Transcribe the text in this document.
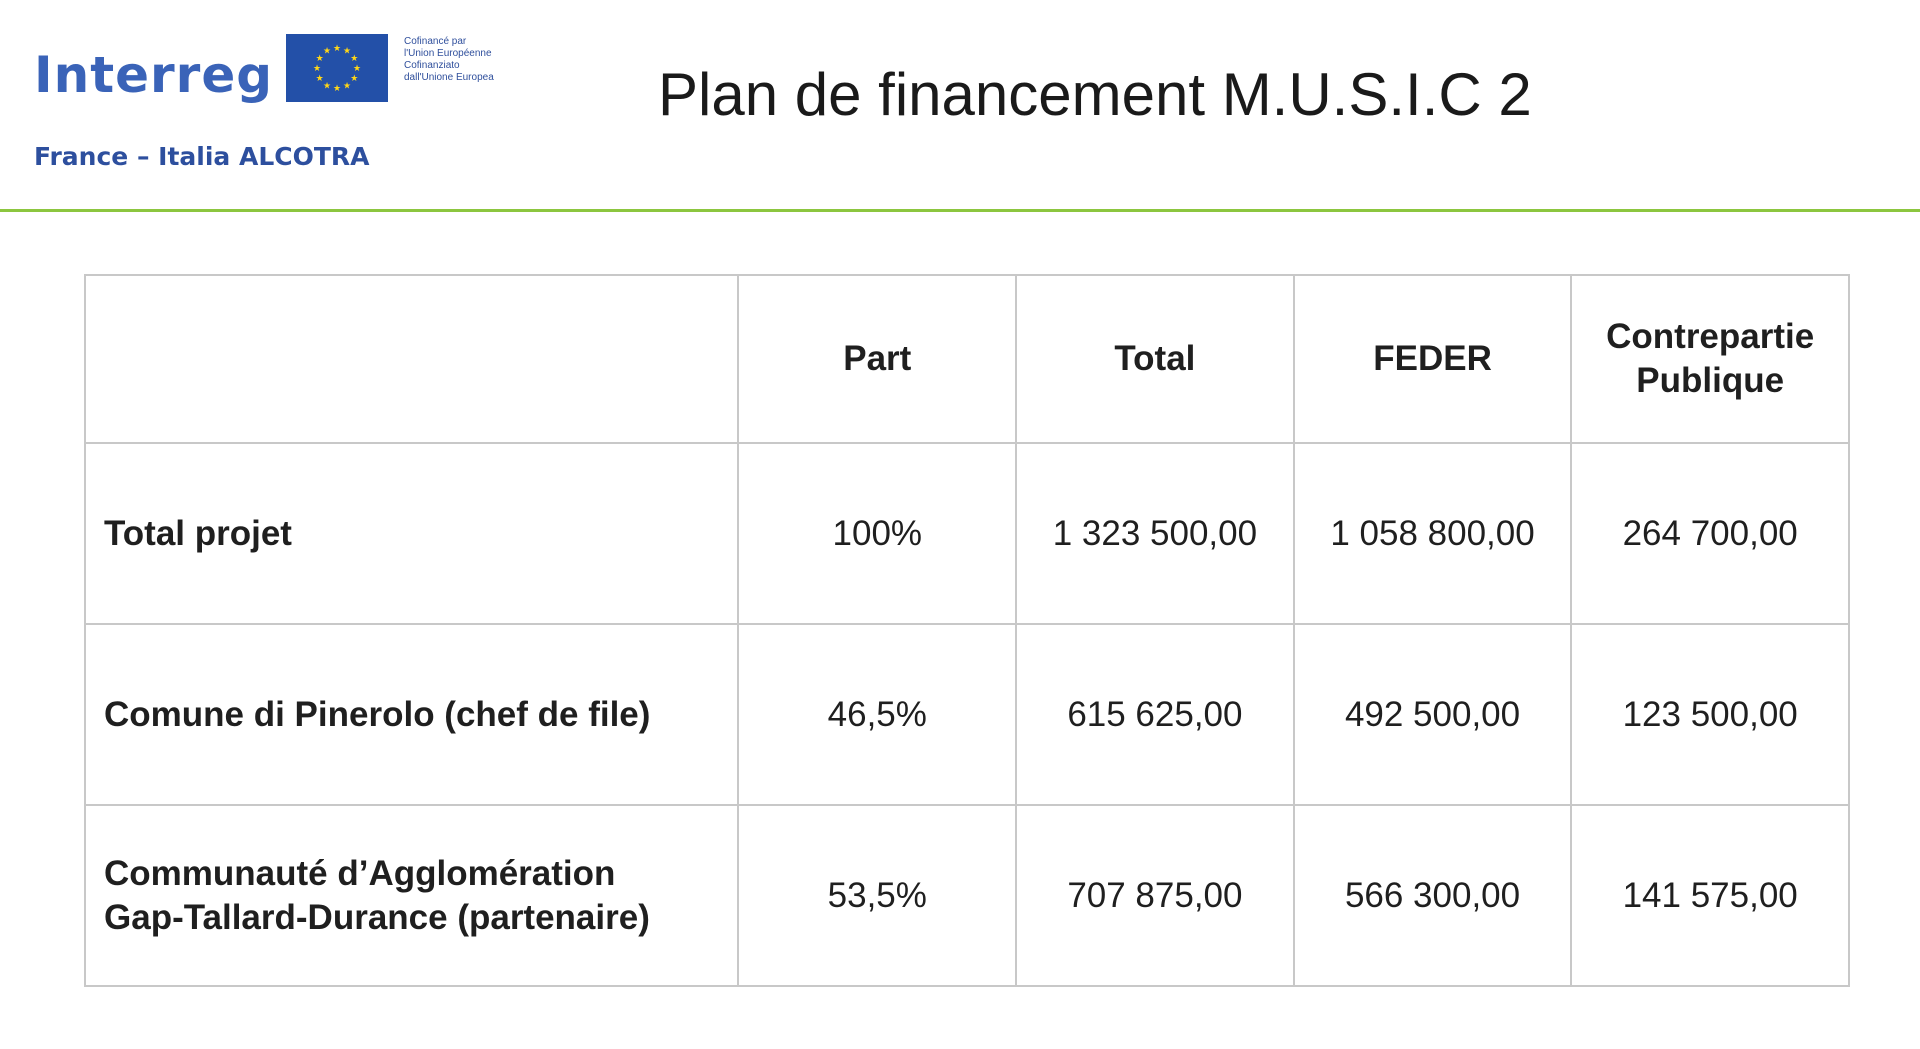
Interreg	★ ★
★
★
★
★
★
★
★
★
★
★
Cofinancé par
l'Union Européenne
Cofinanziato
dall'Unione Europea
France – Italia ALCOTRA
Plan de financement M.U.S.I.C 2
	Part	Total	FEDER	Contrepartie Publique
Total projet	100%	1 323 500,00	1 058 800,00	264 700,00
Comune di Pinerolo (chef de file)	46,5%	615 625,00	492 500,00	123 500,00
Communauté d’Agglomération Gap-Tallard-Durance (partenaire)	53,5%	707 875,00	566 300,00	141 575,00
